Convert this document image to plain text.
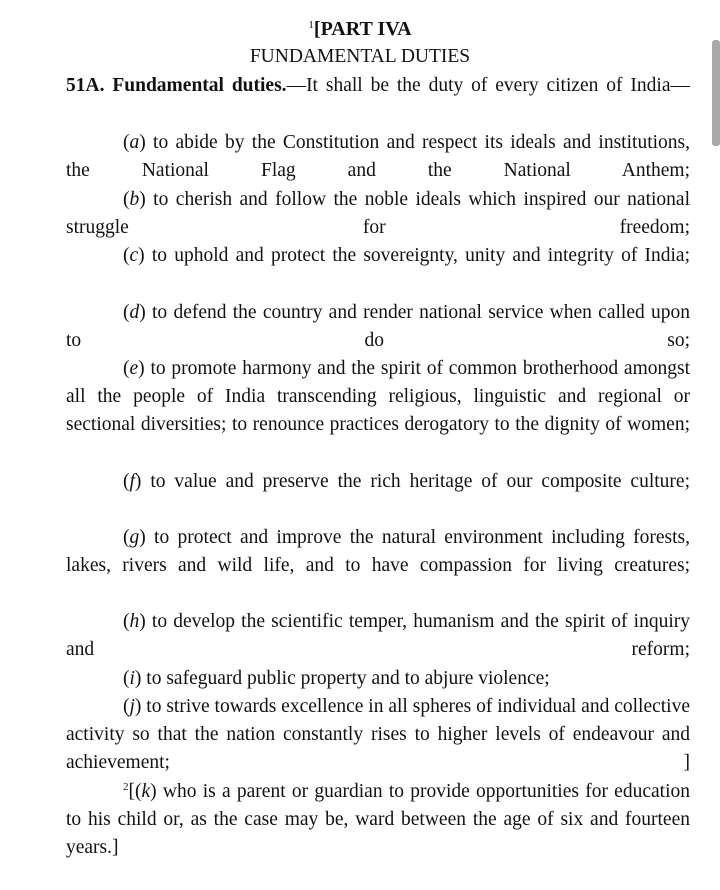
$^1$[PART IVA
FUNDAMENTAL DUTIES
51A. Fundamental duties.—It shall be the duty of every citizen of India—
(a) to abide by the Constitution and respect its ideals and institutions, the National Flag and the National Anthem;
(b) to cherish and follow the noble ideals which inspired our national struggle for freedom;
(c) to uphold and protect the sovereignty, unity and integrity of India;
(d) to defend the country and render national service when called upon to do so;
(e) to promote harmony and the spirit of common brotherhood amongst all the people of India transcending religious, linguistic and regional or sectional diversities; to renounce practices derogatory to the dignity of women;
(f) to value and preserve the rich heritage of our composite culture;
(g) to protect and improve the natural environment including forests, lakes, rivers and wild life, and to have compassion for living creatures;
(h) to develop the scientific temper, humanism and the spirit of inquiry and reform;
(i) to safeguard public property and to abjure violence;
(j) to strive towards excellence in all spheres of individual and collective activity so that the nation constantly rises to higher levels of endeavour and achievement; ]
$^2$[(k) who is a parent or guardian to provide opportunities for education to his child or, as the case may be, ward between the age of six and fourteen years.]
